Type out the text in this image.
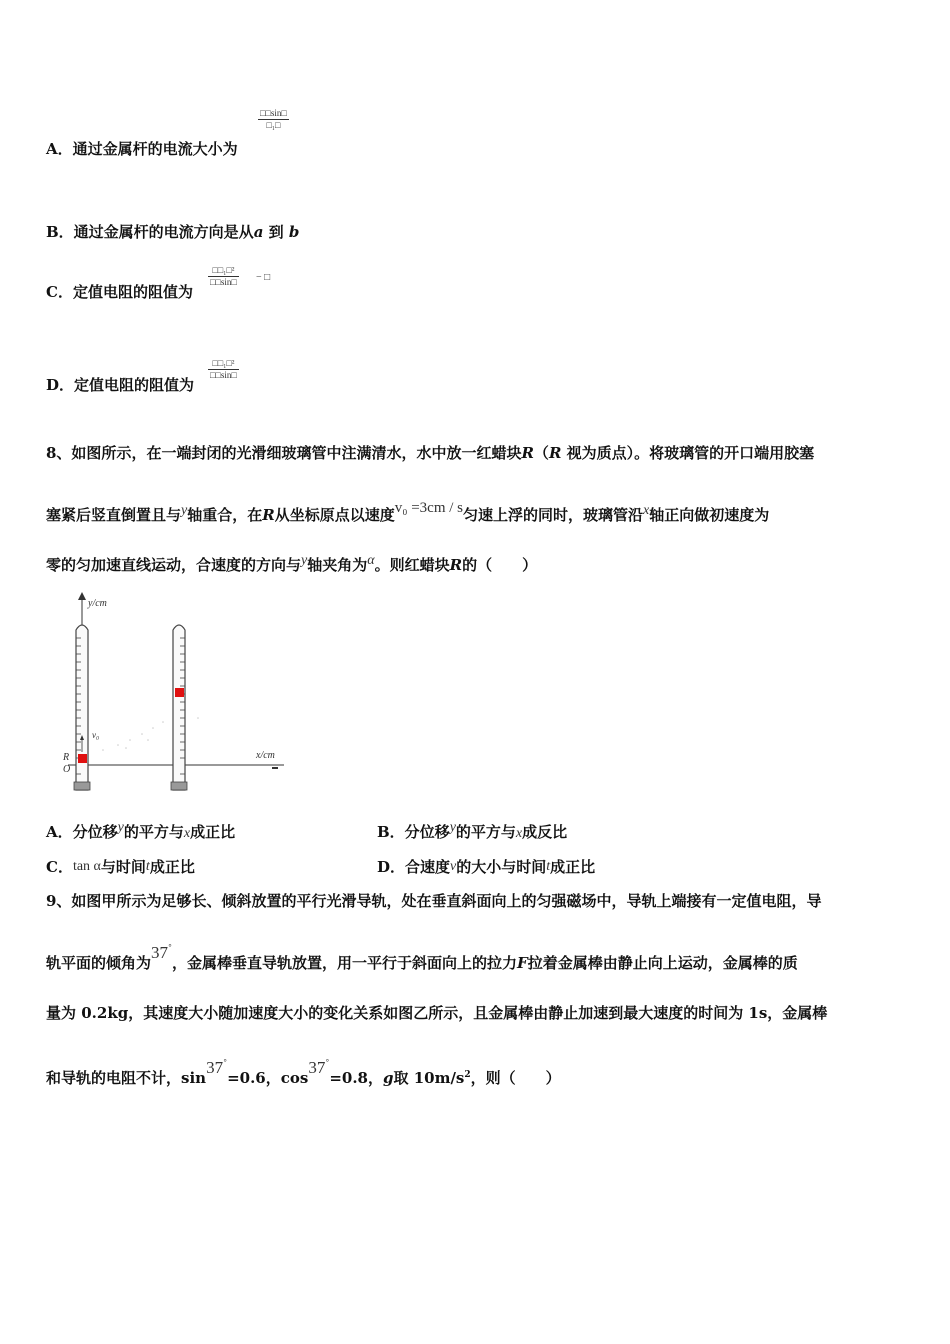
□□sin□
□₁□
A．通过金属杆的电流大小为
B．通过金属杆的电流方向是从a 到 b
□□₁□²
□□sin□ − □
C．定值电阻的阻值为
□□₁□²
□□sin□
D．定值电阻的阻值为
8、如图所示，在一端封闭的光滑细玻璃管中注满清水，水中放一红蜡块R（R 视为质点）。将玻璃管的开口端用胶塞
塞紧后竖直倒置且与y轴重合，在R从坐标原点以速度v₀ =3cm / s匀速上浮的同时，玻璃管沿x轴正向做初速度为
零的匀加速直线运动，合速度的方向与y轴夹角为α。则红蜡块R的（　　）
y/cm
x/cm
v₀
R
O
A．分位移y的平方与x成正比	B．分位移y的平方与x成反比
C．tan α与时间t成正比	D．合速度v的大小与时间t成正比
9、如图甲所示为足够长、倾斜放置的平行光滑导轨，处在垂直斜面向上的匀强磁场中，导轨上端接有一定值电阻，导
轨平面的倾角为37°，金属棒垂直导轨放置，用一平行于斜面向上的拉力F拉着金属棒由静止向上运动，金属棒的质
量为 0.2kg，其速度大小随加速度大小的变化关系如图乙所示，且金属棒由静止加速到最大速度的时间为 1s，金属棒
和导轨的电阻不计，sin37°=0.6，cos37°=0.8，g取 $10m/s^2$，则（　　）
